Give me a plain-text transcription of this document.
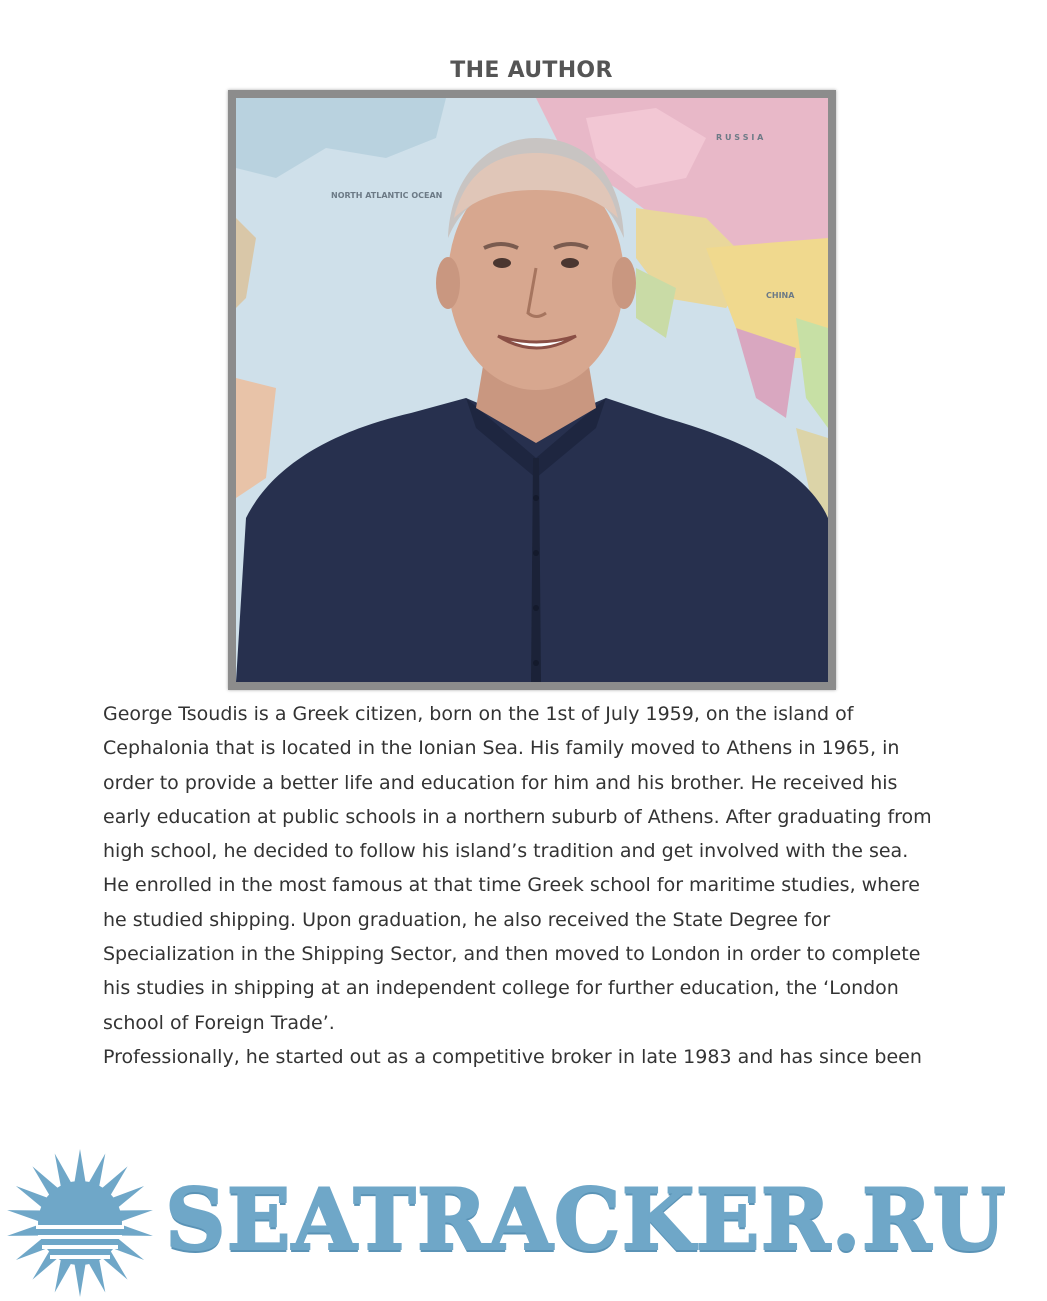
THE AUTHOR
R U S S I A
NORTH ATLANTIC OCEAN
CHINA
George Tsoudis is a Greek citizen, born on the 1st of July 1959, on the island of
Cephalonia that is located in the Ionian Sea. His family moved to Athens in 1965, in
order to provide a better life and education for him and his brother. He received his
early education at public schools in a northern suburb of Athens. After graduating from
high school, he decided to follow his island’s tradition and get involved with the sea.
He enrolled in the most famous at that time Greek school for maritime studies, where
he studied shipping. Upon graduation, he also received the State Degree for
Specialization in the Shipping Sector, and then moved to London in order to complete
his studies in shipping at an independent college for further education, the ‘London
school of Foreign Trade’.
Professionally, he started out as a competitive broker in late 1983 and has since been
SEATRACKER.RU
